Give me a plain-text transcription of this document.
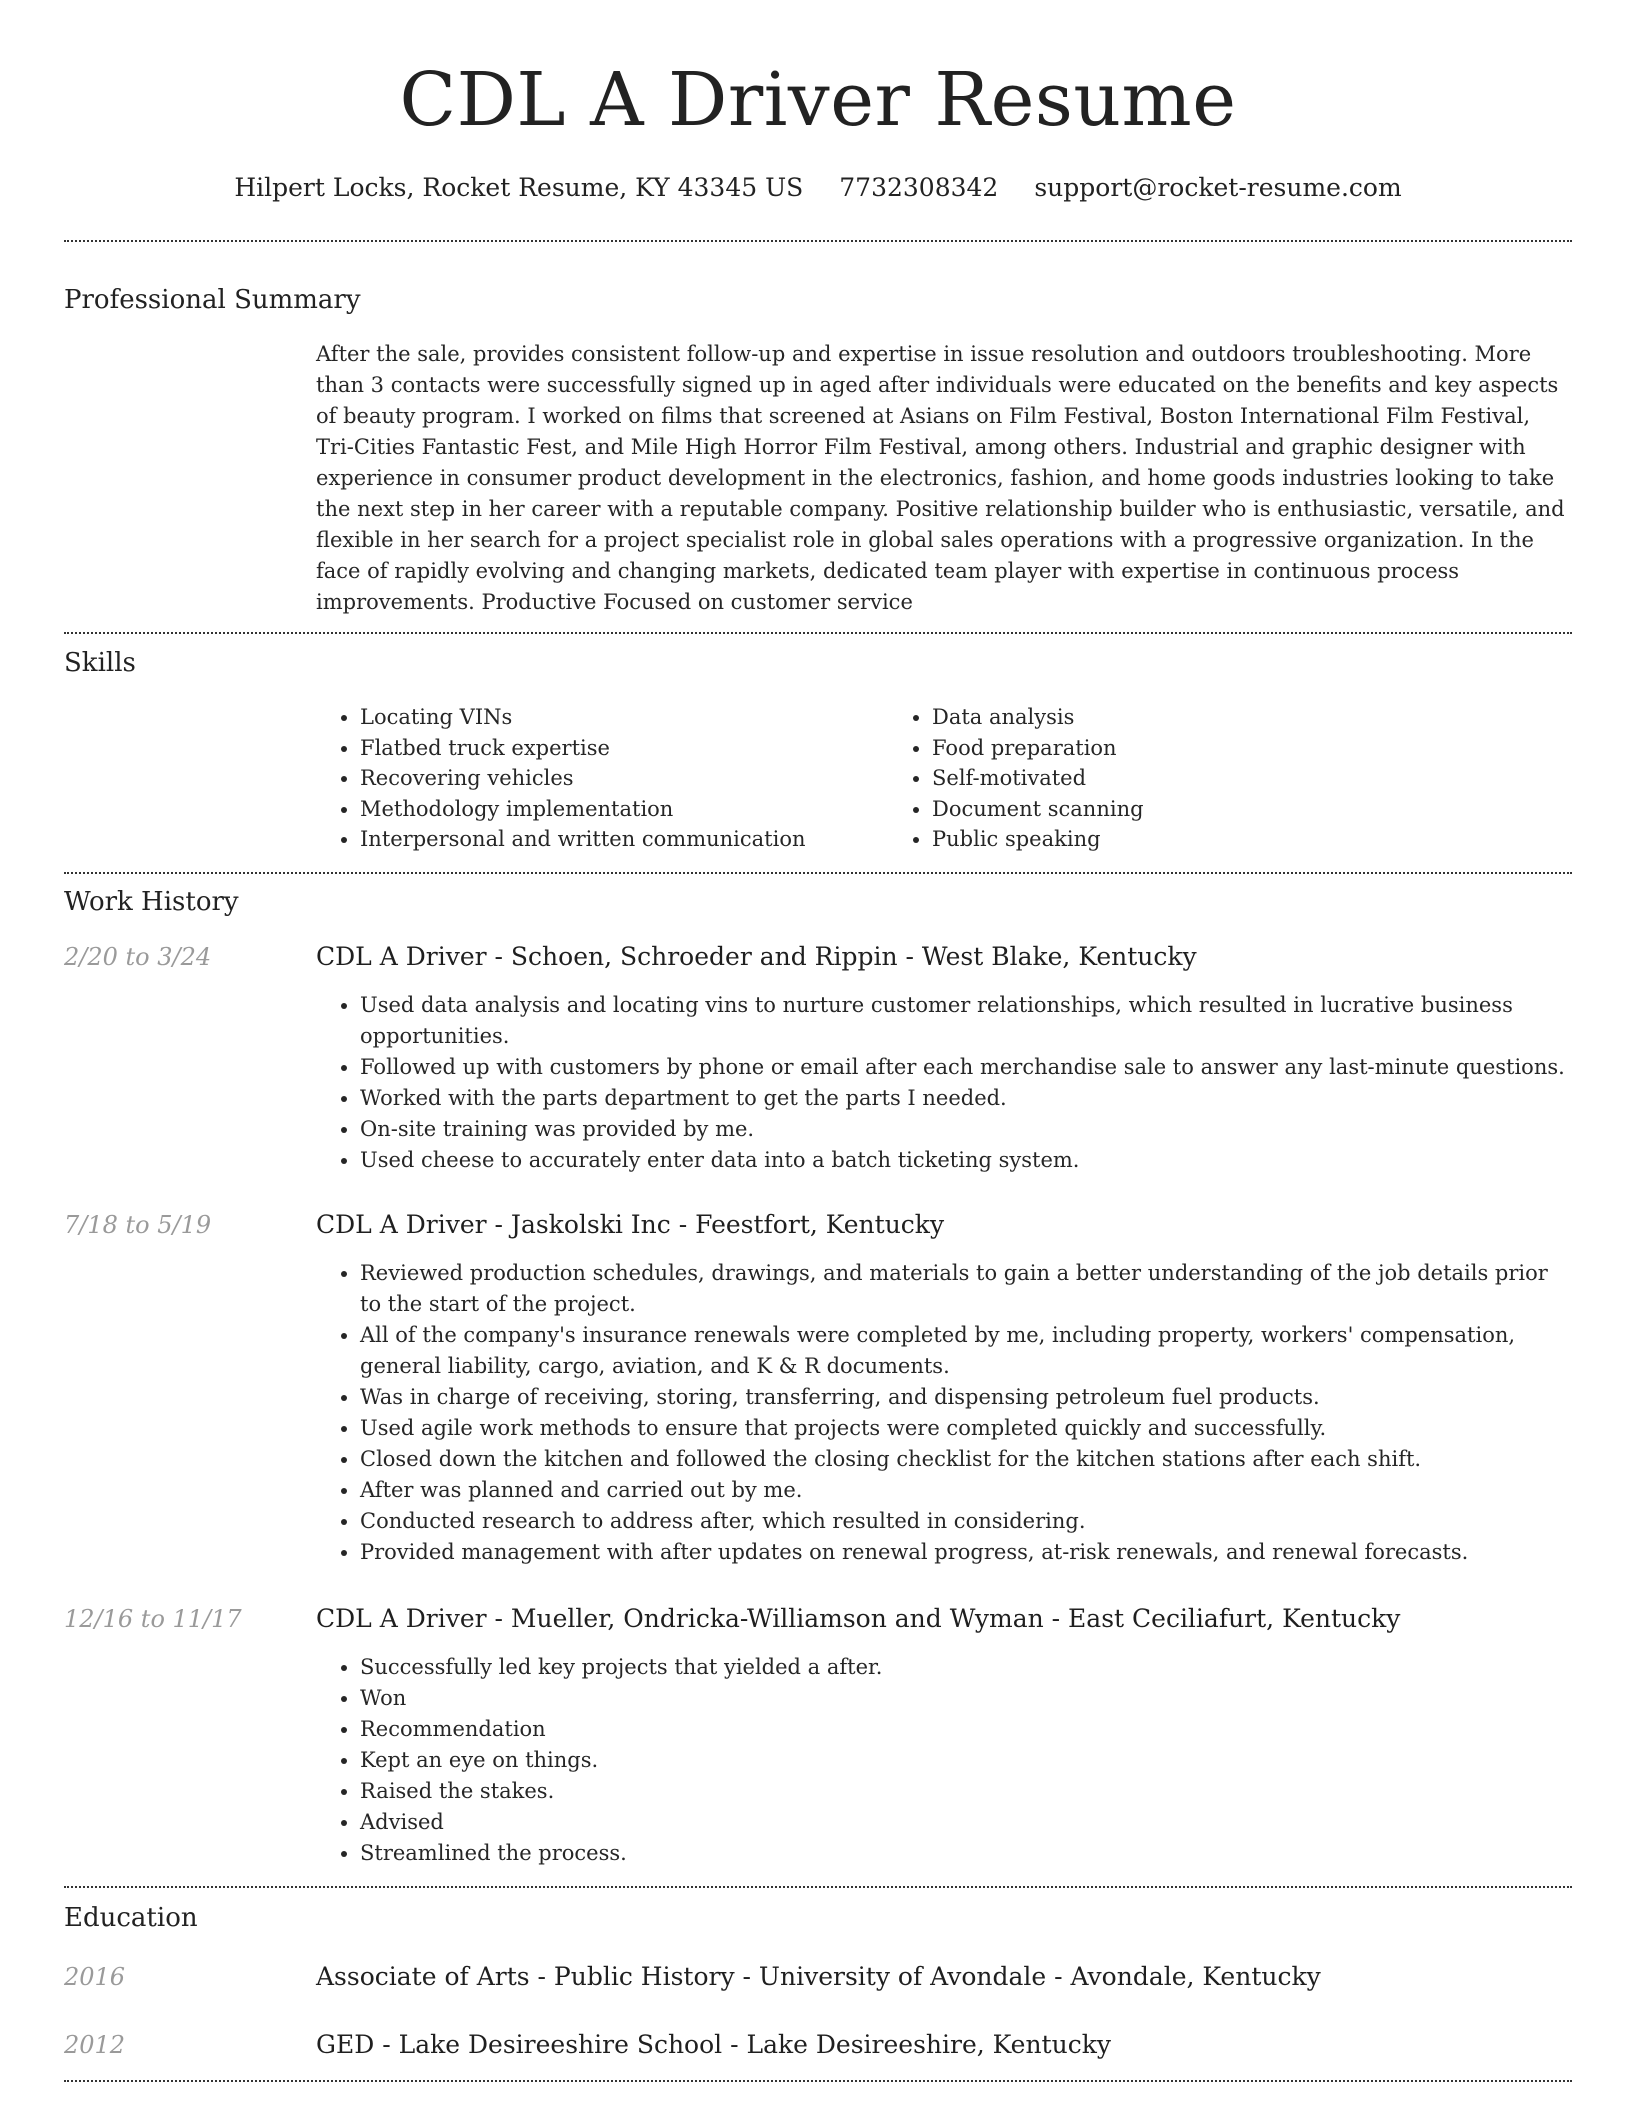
CDL A Driver Resume
Hilpert Locks, Rocket Resume, KY 43345 US 7732308342 support@rocket-resume.com
Professional Summary

After the sale, provides consistent follow-up and expertise in issue resolution and outdoors troubleshooting. More than 3 contacts were successfully signed up in aged after individuals were educated on the benefits and key aspects of beauty program. I worked on films that screened at Asians on Film Festival, Boston International Film Festival, Tri-Cities Fantastic Fest, and Mile High Horror Film Festival, among others. Industrial and graphic designer with experience in consumer product development in the electronics, fashion, and home goods industries looking to take the next step in her career with a reputable company. Positive relationship builder who is enthusiastic, versatile, and flexible in her search for a project specialist role in global sales operations with a progressive organization. In the face of rapidly evolving and changing markets, dedicated team player with expertise in continuous process improvements. Productive Focused on customer service

Skills
• Locating VINs
• Flatbed truck expertise
• Recovering vehicles
• Methodology implementation
• Interpersonal and written communication
• Data analysis
• Food preparation
• Self-motivated
• Document scanning
• Public speaking
Work History
2/20 to 3/24	CDL A Driver - Schoen, Schroeder and Rippin - West Blake, Kentucky
• Used data analysis and locating vins to nurture customer relationships, which resulted in lucrative business opportunities.
• Followed up with customers by phone or email after each merchandise sale to answer any last-minute questions.
• Worked with the parts department to get the parts I needed.
• On-site training was provided by me.
• Used cheese to accurately enter data into a batch ticketing system.
7/18 to 5/19	CDL A Driver - Jaskolski Inc - Feestfort, Kentucky
• Reviewed production schedules, drawings, and materials to gain a better understanding of the job details prior to the start of the project.
• All of the company's insurance renewals were completed by me, including property, workers' compensation, general liability, cargo, aviation, and K & R documents.
• Was in charge of receiving, storing, transferring, and dispensing petroleum fuel products.
• Used agile work methods to ensure that projects were completed quickly and successfully.
• Closed down the kitchen and followed the closing checklist for the kitchen stations after each shift.
• After was planned and carried out by me.
• Conducted research to address after, which resulted in considering.
• Provided management with after updates on renewal progress, at-risk renewals, and renewal forecasts.
12/16 to 11/17	CDL A Driver - Mueller, Ondricka-Williamson and Wyman - East Ceciliafurt, Kentucky
• Successfully led key projects that yielded a after.
• Won
• Recommendation
• Kept an eye on things.
• Raised the stakes.
• Advised
• Streamlined the process.
Education
2016	Associate of Arts - Public History - University of Avondale - Avondale, Kentucky
2012	GED - Lake Desireeshire School - Lake Desireeshire, Kentucky
